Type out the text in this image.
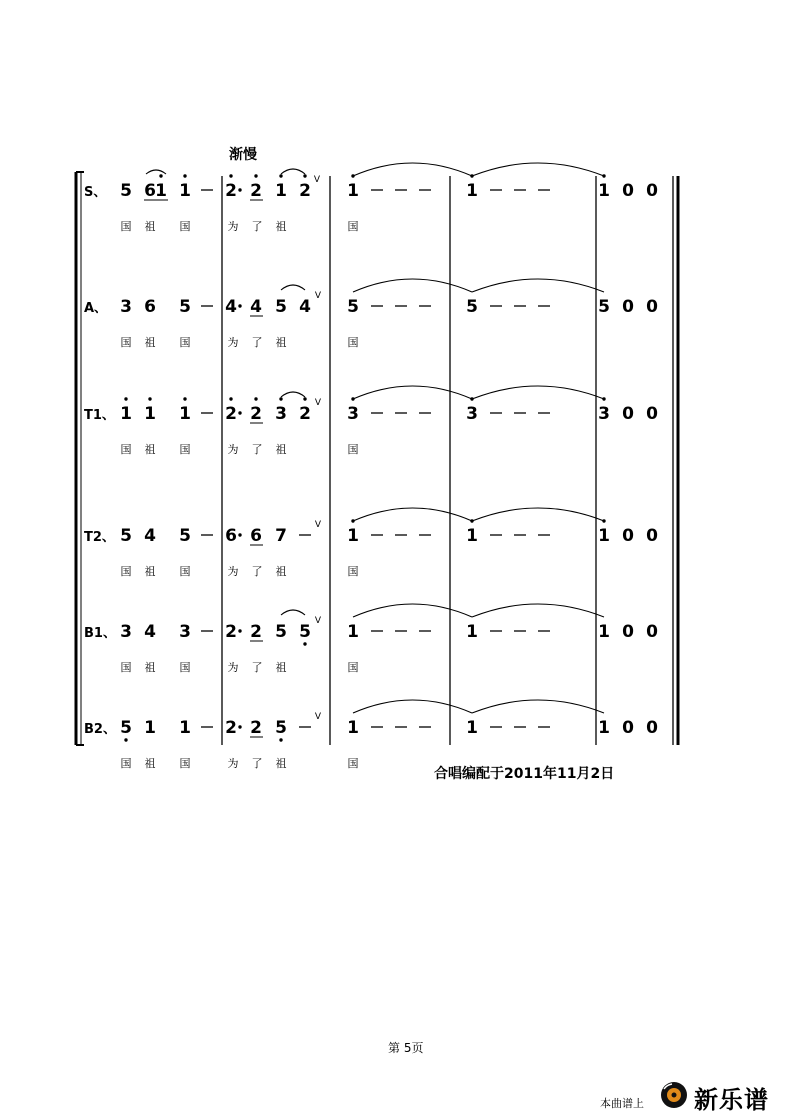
渐慢
S、 5 6 1 1 2 2 1 2 1	1	1 0 0
国 祖 国	为 了 祖	国
V
A、 3 6 5 4 4 5 4 5	5	5 0 0
国 祖 国	为 了 祖	国
V
T1、 1 1 1 2 2 3 2 3	3	3 0 0
国 祖 国	为 了 祖	国
V
T2、 5 4 5 6 6 7	1	1	1 0 0
国 祖 国	为 了 祖	国
V
B1、 3 4 3 2 2 5 5 1	1	1 0 0
国 祖 国	为 了 祖	国
V
B2、 5 1 1 2 2 5	1	1	1 0 0
国 祖 国	为 了 祖	国
V
合唱编配于2011年11月2日
第 5页
本曲谱上 新乐谱
